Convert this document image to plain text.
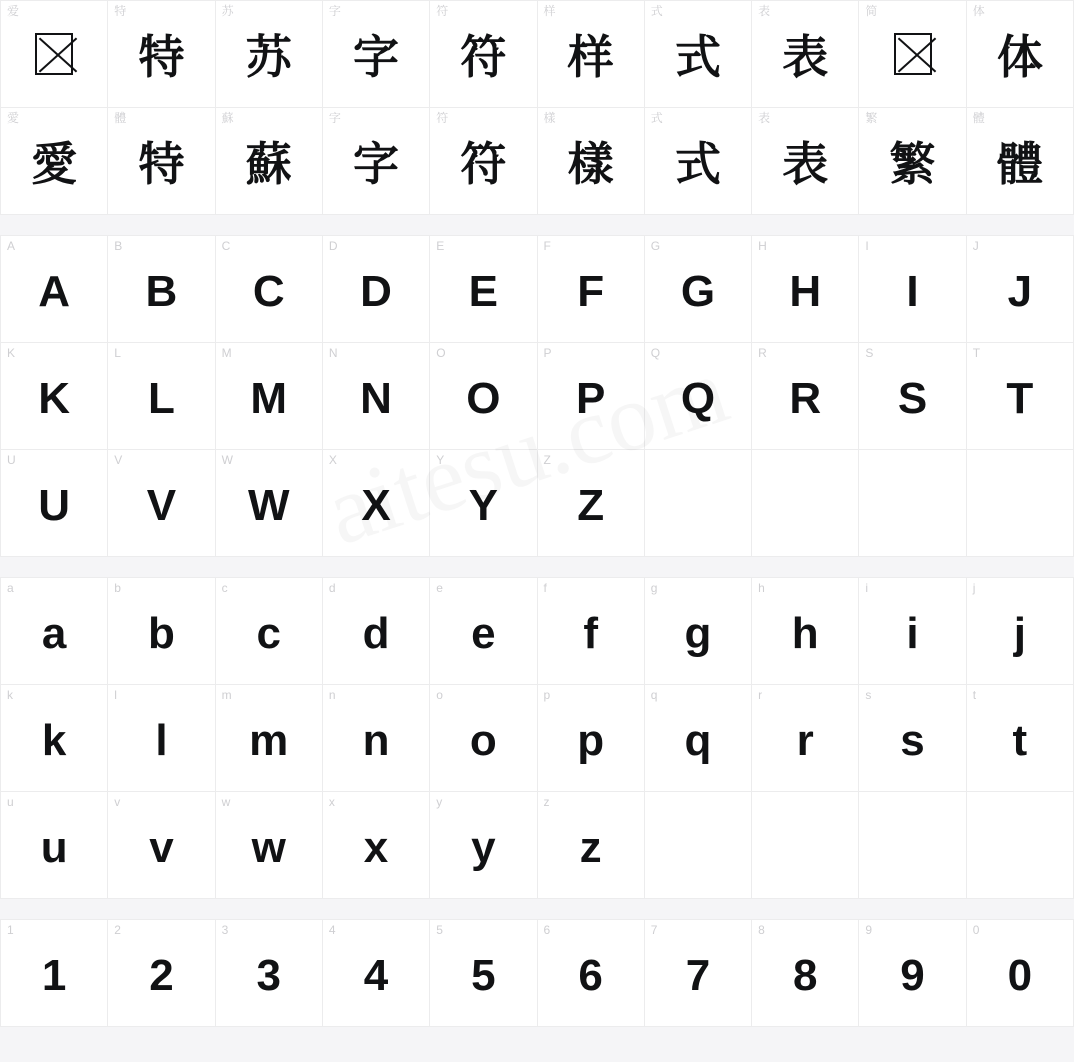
爱	特
特
苏
苏
字
字
符
符
样
样
式
式
表
表
简	体
体
愛
愛
體
特
蘇
蘇
字
字
符
符
樣
樣
式
式
表
表
繁
繁
體
體
A
A
B
B
C
C
D
D
E
E
F
F
G
G
H
H
I
I
J
J
K
K
L
L
M
M
N
N
O
O
P
P
Q
Q
R
R
S
S
T
T
U
U
V
V
W
W
X
X
Y
Y
Z
Z
a
a
b
b
c
c
d
d
e
e
f
f
g
g
h
h
i
i
j
j
k
k
l
l
m
m
n
n
o
o
p
p
q
q
r
r
s
s
t
t
u
u
v
v
w
w
x
x
y
y
z
z
1
1
2
2
3
3
4
4
5
5
6
6
7
7
8
8
9
9
0
0
